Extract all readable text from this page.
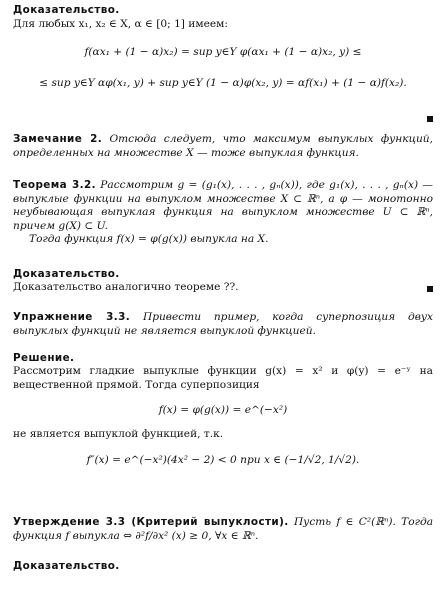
Доказательство.
Для любых x₁, x₂ ∈ X, α ∈ [0; 1] имеем:
f(αx₁ + (1 − α)x₂) = sup y∈Y φ(αx₁ + (1 − α)x₂, y) ≤
≤ sup y∈Y αφ(x₁, y) + sup y∈Y (1 − α)φ(x₂, y) = αf(x₁) + (1 − α)f(x₂).
Замечание 2. Отсюда следует, что максимум выпуклых функций, определенных на множестве X — тоже выпуклая функция.
Теорема 3.2. Рассмотрим g = (g₁(x), . . . , gₙ(x)), где g₁(x), . . . , gₙ(x) — выпуклые функции на выпуклом множестве X ⊂ ℝⁿ, а φ — монотонно неубывающая выпуклая функция на выпуклом множестве U ⊂ ℝⁿ, причем g(X) ⊂ U.
Тогда функция f(x) = φ(g(x)) выпукла на X.
Доказательство.
Доказательство аналогично теореме ??.
Упражнение 3.3. Привести пример, когда суперпозиция двух выпуклых функций не является выпуклой функцией.
Решение.
Рассмотрим гладкие выпуклые функции g(x) = x² и φ(y) = e⁻ʸ на вещественной прямой. Тогда суперпозиция
f(x) = φ(g(x)) = e^(−x²)
не является выпуклой функцией, т.к.
f″(x) = e^(−x²)(4x² − 2) < 0 при x ∈ (−1/√2, 1/√2).
Утверждение 3.3 (Критерий выпуклости). Пусть f ∈ C²(ℝⁿ). Тогда функция f выпукла ⇔ ∂²f/∂x² (x) ≥ 0, ∀x ∈ ℝⁿ.
Доказательство.
